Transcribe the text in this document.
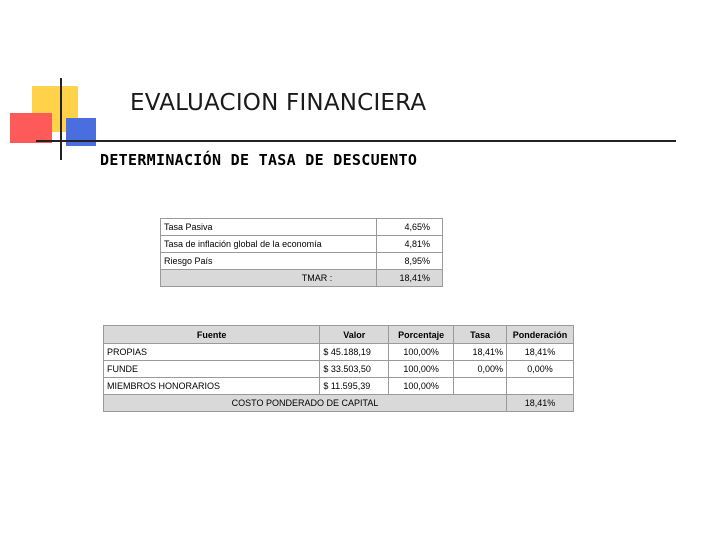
EVALUACION FINANCIERA
DETERMINACIÓN DE TASA DE DESCUENTO
Tasa Pasiva	4,65%
Tasa de inflación global de la economía	4,81%
Riesgo País	8,95%
TMAR :	18,41%
Fuente	Valor	Porcentaje	Tasa	Ponderación
PROPIAS	$ 45.188,19	100,00%	18,41%	18,41%
FUNDE	$ 33.503,50	100,00%	0,00%	0,00%
MIEMBROS HONORARIOS	$ 11.595,39	100,00%		
COSTO PONDERADO DE CAPITAL				18,41%
